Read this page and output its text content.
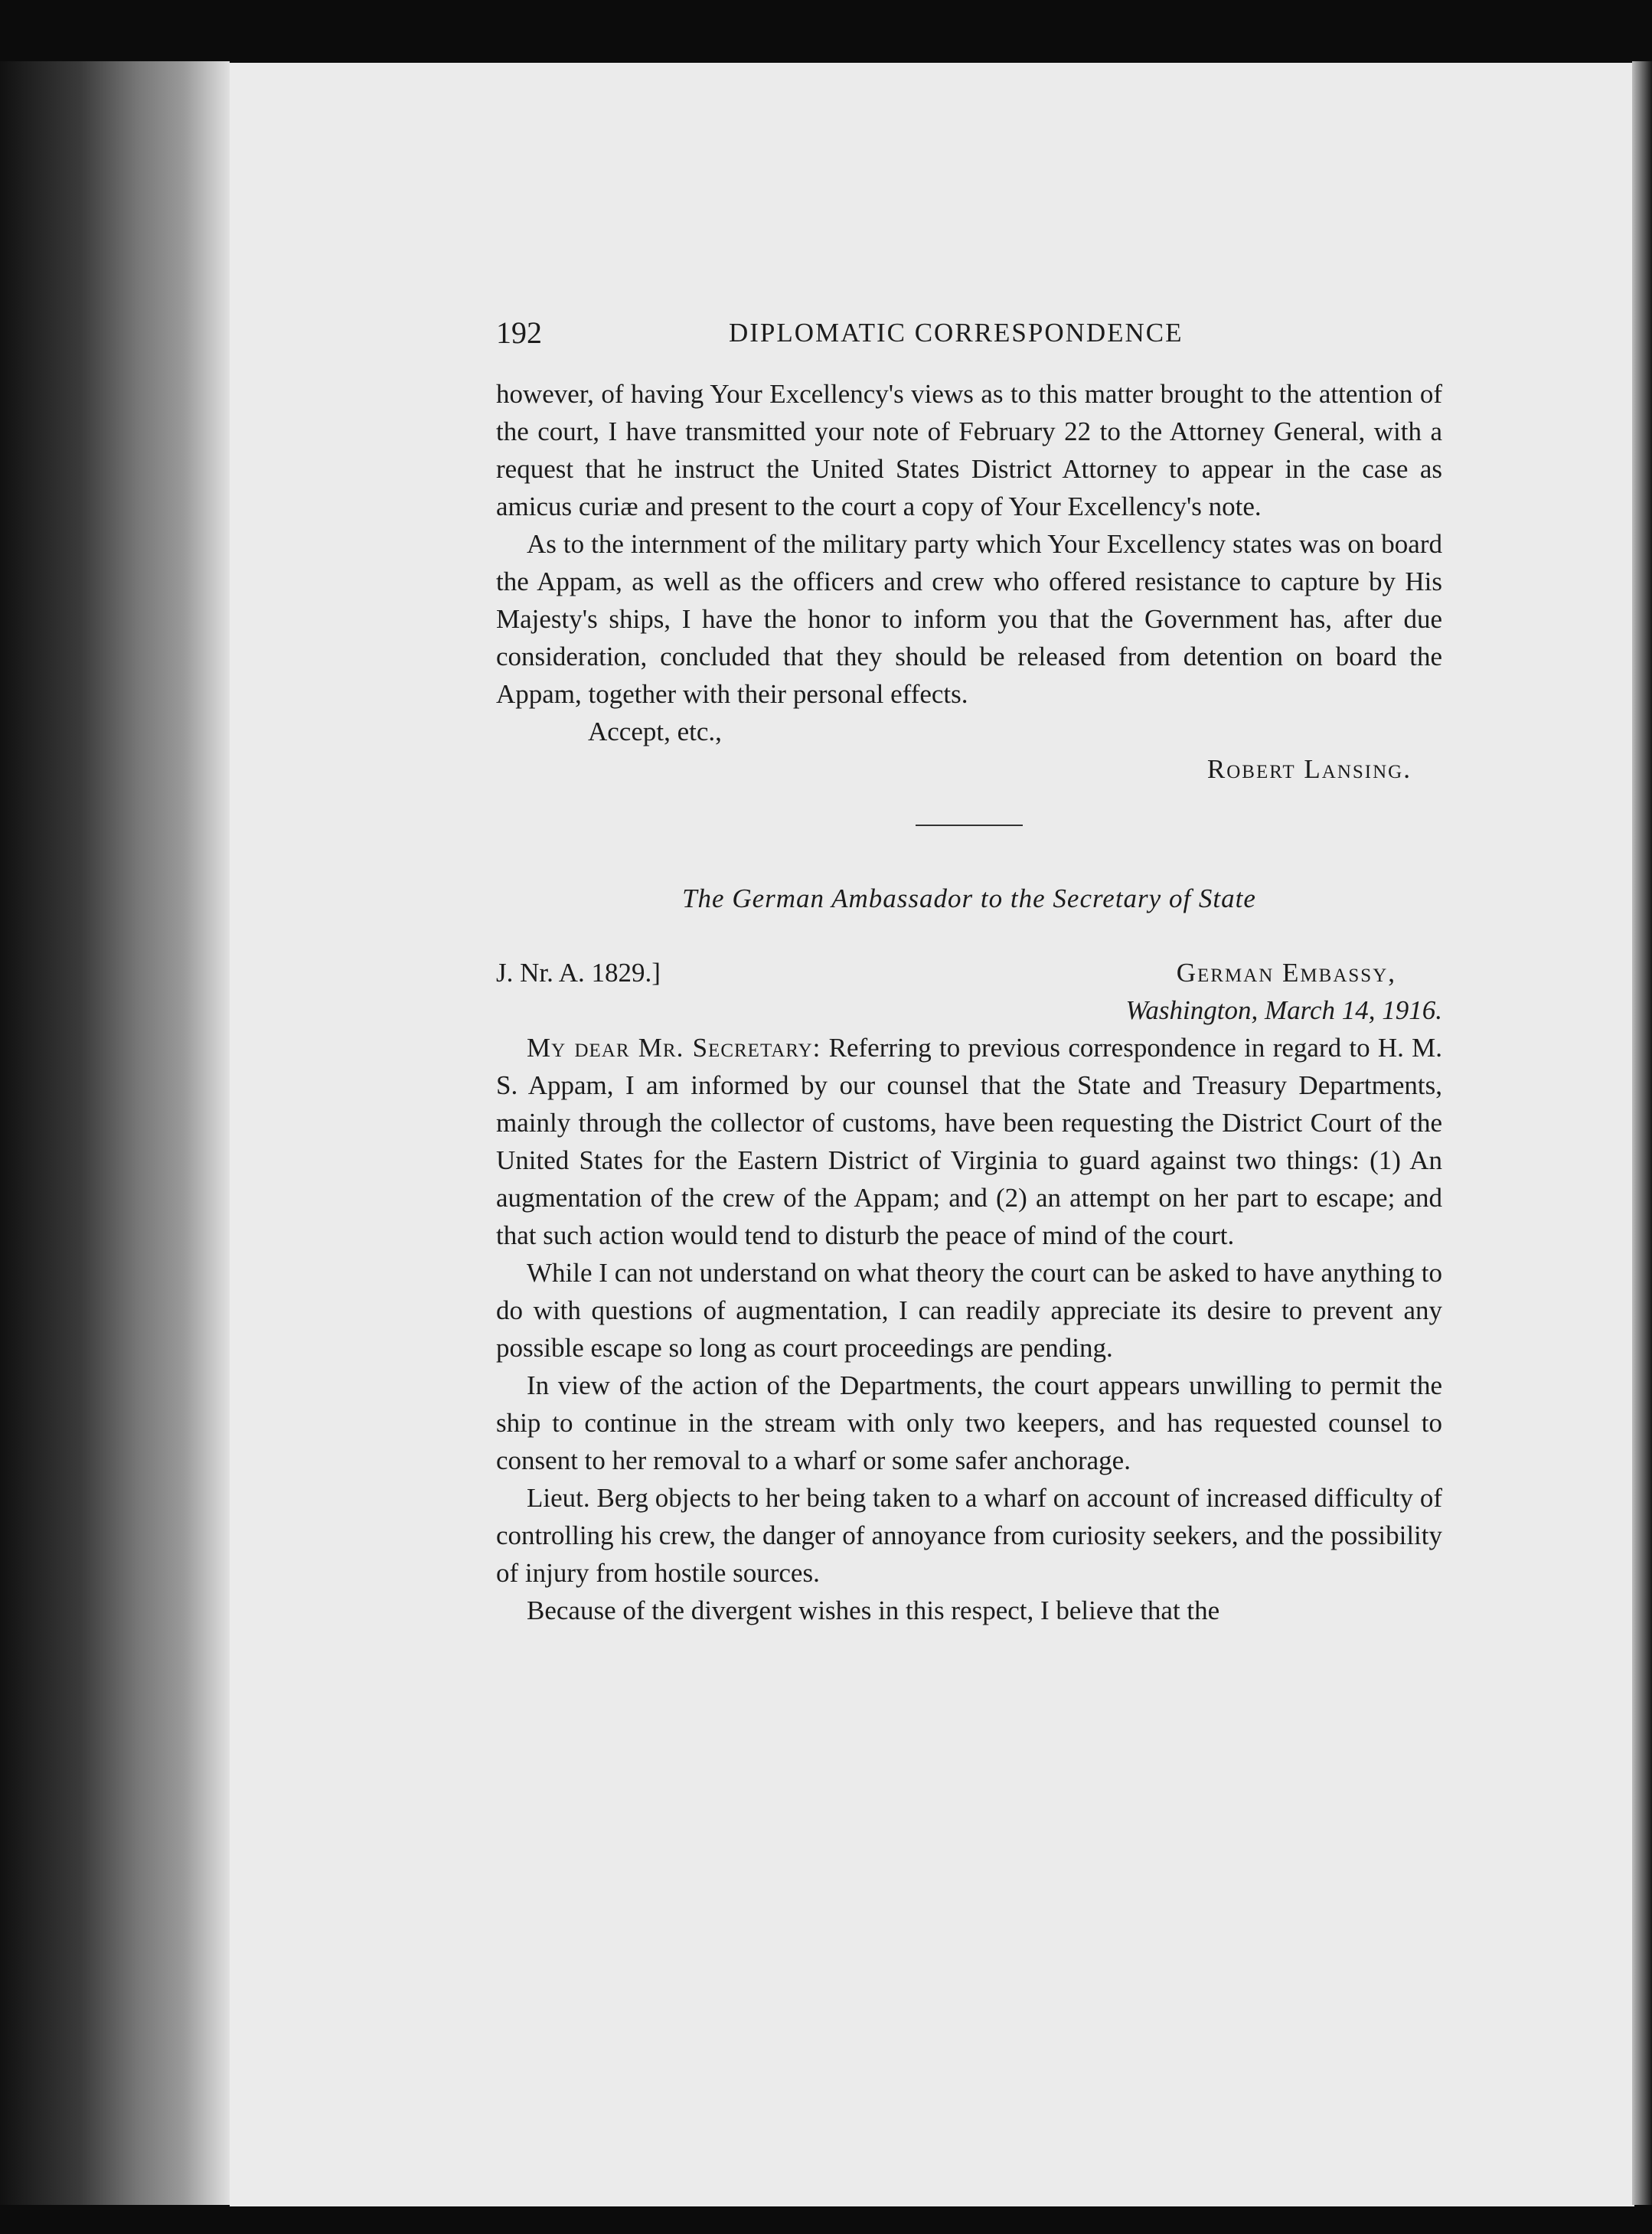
192	DIPLOMATIC CORRESPONDENCE

however, of having Your Excellency's views as to this matter brought to the attention of the court, I have transmitted your note of February 22 to the Attorney General, with a request that he instruct the United States District Attorney to appear in the case as amicus curiæ and present to the court a copy of Your Excellency's note.

As to the internment of the military party which Your Excellency states was on board the Appam, as well as the officers and crew who offered resistance to capture by His Majesty's ships, I have the honor to inform you that the Government has, after due consideration, concluded that they should be released from detention on board the Appam, together with their personal effects.

Accept, etc.,

Robert Lansing.

The German Ambassador to the Secretary of State

J. Nr. A. 1829.]	German Embassy,

Washington, March 14, 1916.

My dear Mr. Secretary: Referring to previous correspondence in regard to H. M. S. Appam, I am informed by our counsel that the State and Treasury Departments, mainly through the collector of customs, have been requesting the District Court of the United States for the Eastern District of Virginia to guard against two things: (1) An augmentation of the crew of the Appam; and (2) an attempt on her part to escape; and that such action would tend to disturb the peace of mind of the court.

While I can not understand on what theory the court can be asked to have anything to do with questions of augmentation, I can readily appreciate its desire to prevent any possible escape so long as court proceedings are pending.

In view of the action of the Departments, the court appears unwilling to permit the ship to continue in the stream with only two keepers, and has requested counsel to consent to her removal to a wharf or some safer anchorage.

Lieut. Berg objects to her being taken to a wharf on account of increased difficulty of controlling his crew, the danger of annoyance from curiosity seekers, and the possibility of injury from hostile sources.

Because of the divergent wishes in this respect, I believe that the
